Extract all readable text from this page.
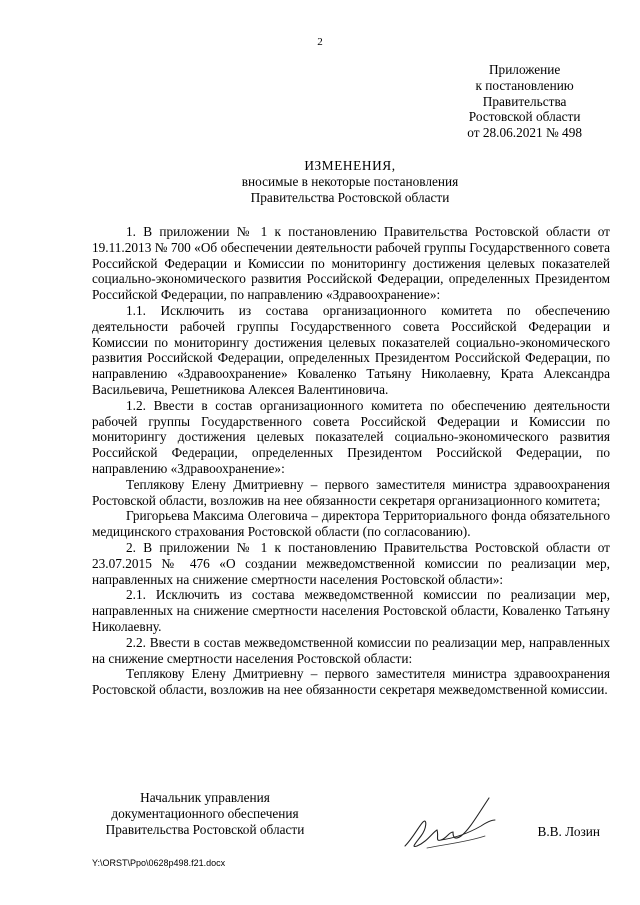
2
Приложение
к постановлению
Правительства
Ростовской области
от 28.06.2021 № 498
ИЗМЕНЕНИЯ,
вносимые в некоторые постановления
Правительства Ростовской области

1. В приложении № 1 к постановлению Правительства Ростовской области от 19.11.2013 № 700 «Об обеспечении деятельности рабочей группы Государственного совета Российской Федерации и Комиссии по мониторингу достижения целевых показателей социально-экономического развития Российской Федерации, определенных Президентом Российской Федерации, по направлению «Здравоохранение»:

1.1. Исключить из состава организационного комитета по обеспечению деятельности рабочей группы Государственного совета Российской Федерации и Комиссии по мониторингу достижения целевых показателей социально-экономического развития Российской Федерации, определенных Президентом Российской Федерации, по направлению «Здравоохранение» Коваленко Татьяну Николаевну, Крата Александра Васильевича, Решетникова Алексея Валентиновича.

1.2. Ввести в состав организационного комитета по обеспечению деятельности рабочей группы Государственного совета Российской Федерации и Комиссии по мониторингу достижения целевых показателей социально-экономического развития Российской Федерации, определенных Президентом Российской Федерации, по направлению «Здравоохранение»:

Теплякову Елену Дмитриевну – первого заместителя министра здравоохранения Ростовской области, возложив на нее обязанности секретаря организационного комитета;

Григорьева Максима Олеговича – директора Территориального фонда обязательного медицинского страхования Ростовской области (по согласованию).

2. В приложении № 1 к постановлению Правительства Ростовской области от 23.07.2015 № 476 «О создании межведомственной комиссии по реализации мер, направленных на снижение смертности населения Ростовской области»:

2.1. Исключить из состава межведомственной комиссии по реализации мер, направленных на снижение смертности населения Ростовской области, Коваленко Татьяну Николаевну.

2.2. Ввести в состав межведомственной комиссии по реализации мер, направленных на снижение смертности населения Ростовской области:

Теплякову Елену Дмитриевну – первого заместителя министра здравоохранения Ростовской области, возложив на нее обязанности секретаря межведомственной комиссии.

Начальник управления
документационного обеспечения
Правительства Ростовской области	В.В. Лозин
Y:\ORST\Ppo\0628p498.f21.docx
